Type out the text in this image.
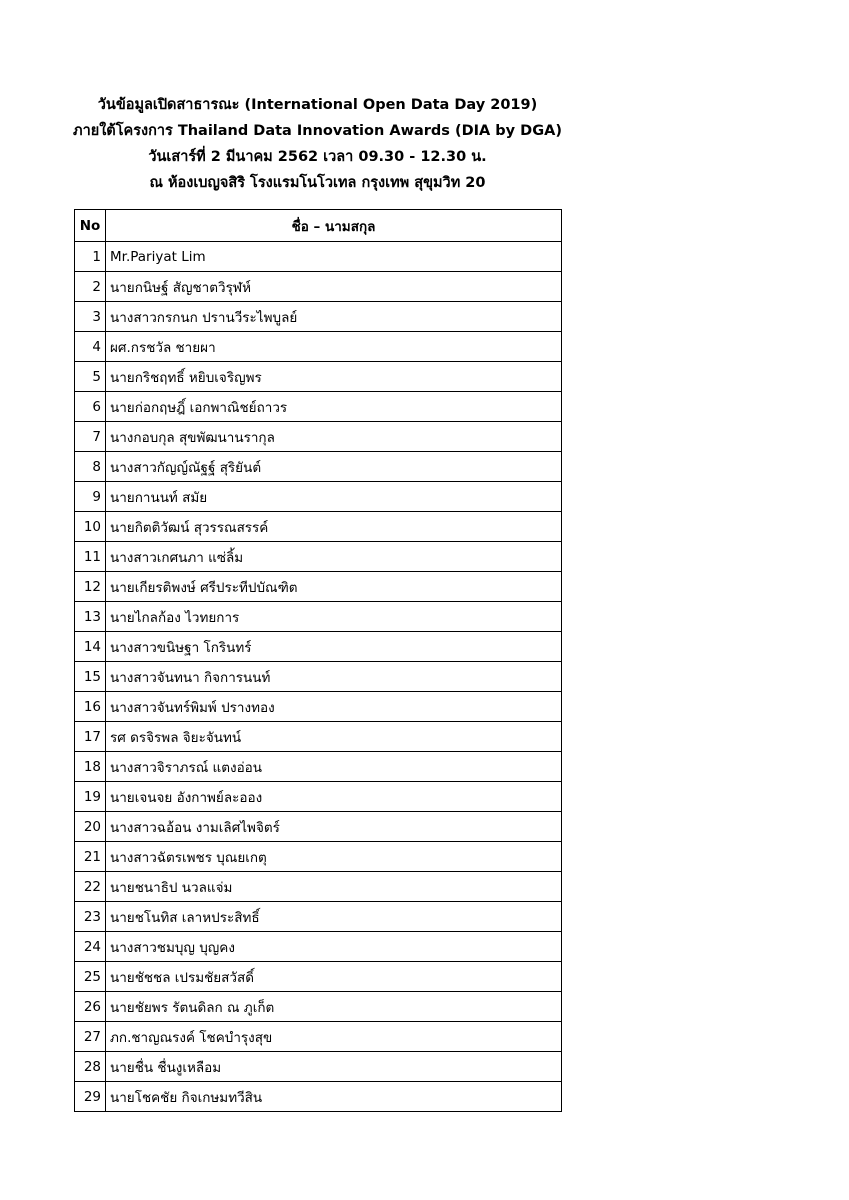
วันข้อมูลเปิดสาธารณะ (International Open Data Day 2019)
ภายใต้โครงการ Thailand Data Innovation Awards (DIA by DGA)
วันเสาร์ที่ 2 มีนาคม 2562 เวลา 09.30 - 12.30 น.
ณ ห้องเบญจสิริ โรงแรมโนโวเทล กรุงเทพ สุขุมวิท 20
No	ชื่อ – นามสกุล
1	Mr.Pariyat Lim
2	นายกนิษฐ์ สัญชาตวิรุฬห์
3	นางสาวกรกนก ปรานวีระไพบูลย์
4	ผศ.กรชวัล ชายผา
5	นายกริชฤทธิ์ หยิบเจริญพร
6	นายก่อกฤษฎิ์ เอกพาณิชย์ถาวร
7	นางกอบกุล สุขพัฒนานรากุล
8	นางสาวกัญญ์ณัฐฐ์ สุริยันต์
9	นายกานนท์ สมัย
10	นายกิตติวัฒน์ สุวรรณสรรค์
11	นางสาวเกศนภา แซ่ลิ้ม
12	นายเกียรติพงษ์ ศรีประทีปบัณฑิต
13	นายไกลก้อง ไวทยการ
14	นางสาวขนิษฐา โกรินทร์
15	นางสาวจันทนา กิจการนนท์
16	นางสาวจันทร์พิมพ์ ปรางทอง
17	รศ ดรจิรพล จิยะจันทน์
18	นางสาวจิราภรณ์ แตงอ่อน
19	นายเจนจย อังกาพย์ละออง
20	นางสาวฉอ้อน งามเลิศไพจิตร์
21	นางสาวฉัตรเพชร บุณยเกตุ
22	นายชนาธิป นวลแจ่ม
23	นายชโนทิส เลาหประสิทธิ์
24	นางสาวชมบุญ บุญคง
25	นายชัชชล เปรมชัยสวัสดิ์
26	นายชัยพร รัตนดิลก ณ ภูเก็ต
27	ภก.ชาญณรงค์ โชคบำรุงสุข
28	นายชื่น ชื่นงูเหลือม
29	นายโชคชัย กิจเกษมทวีสิน
